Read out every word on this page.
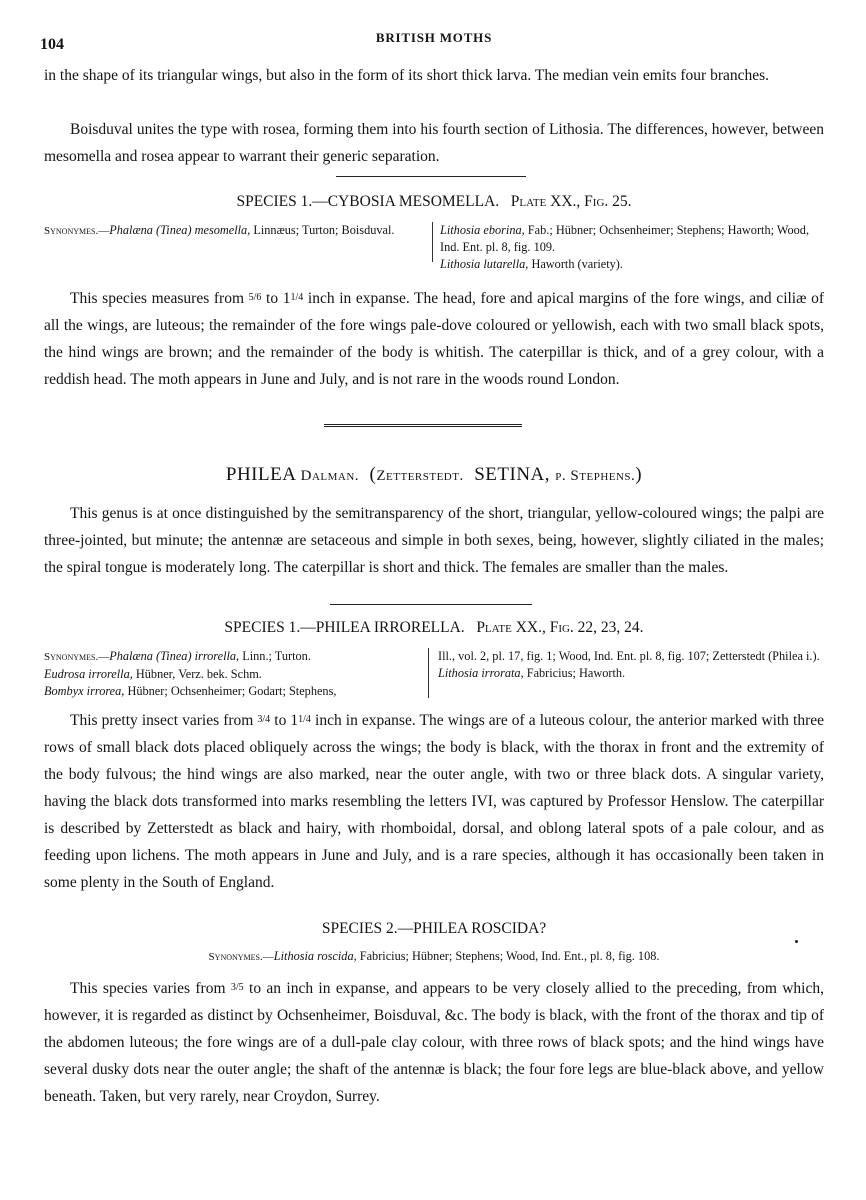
104	BRITISH MOTHS

in the shape of its triangular wings, but also in the form of its short thick larva. The median vein emits four branches.

Boisduval unites the type with rosea, forming them into his fourth section of Lithosia. The differences, however, between mesomella and rosea appear to warrant their generic separation.

SPECIES 1.—CYBOSIA MESOMELLA. Plate XX., Fig. 25.

Synonymes.—Phalæna (Tinea) mesomella, Linnæus; Turton; Boisduval.	Lithosia eborina, Fab.; Hübner; Ochsenheimer; Stephens; Haworth; Wood, Ind. Ent. pl. 8, fig. 109.
Lithosia lutarella, Haworth (variety).

This species measures from 5/6 to 11/4 inch in expanse. The head, fore and apical margins of the fore wings, and ciliæ of all the wings, are luteous; the remainder of the fore wings pale-dove coloured or yellowish, each with two small black spots, the hind wings are brown; and the remainder of the body is whitish. The caterpillar is thick, and of a grey colour, with a reddish head. The moth appears in June and July, and is not rare in the woods round London.

PHILEA Dalman. (Zetterstedt. SETINA, p. Stephens.)

This genus is at once distinguished by the semitransparency of the short, triangular, yellow-coloured wings; the palpi are three-jointed, but minute; the antennæ are setaceous and simple in both sexes, being, however, slightly ciliated in the males; the spiral tongue is moderately long. The caterpillar is short and thick. The females are smaller than the males.

SPECIES 1.—PHILEA IRRORELLA. Plate XX., Fig. 22, 23, 24.

Synonymes.—Phalæna (Tinea) irrorella, Linn.; Turton.
Eudrosa irrorella, Hübner, Verz. bek. Schm.
Bombyx irrorea, Hübner; Ochsenheimer; Godart; Stephens,
Ill., vol. 2, pl. 17, fig. 1; Wood, Ind. Ent. pl. 8, fig. 107; Zetterstedt (Philea i.).
Lithosia irrorata, Fabricius; Haworth.

This pretty insect varies from 3/4 to 11/4 inch in expanse. The wings are of a luteous colour, the anterior marked with three rows of small black dots placed obliquely across the wings; the body is black, with the thorax in front and the extremity of the body fulvous; the hind wings are also marked, near the outer angle, with two or three black dots. A singular variety, having the black dots transformed into marks resembling the letters IVI, was captured by Professor Henslow. The caterpillar is described by Zetterstedt as black and hairy, with rhomboidal, dorsal, and oblong lateral spots of a pale colour, and as feeding upon lichens. The moth appears in June and July, and is a rare species, although it has occasionally been taken in some plenty in the South of England.

SPECIES 2.—PHILEA ROSCIDA?

Synonymes.—Lithosia roscida, Fabricius; Hübner; Stephens; Wood, Ind. Ent., pl. 8, fig. 108.

This species varies from 3/5 to an inch in expanse, and appears to be very closely allied to the preceding, from which, however, it is regarded as distinct by Ochsenheimer, Boisduval, &c. The body is black, with the front of the thorax and tip of the abdomen luteous; the fore wings are of a dull-pale clay colour, with three rows of black spots; and the hind wings have several dusky dots near the outer angle; the shaft of the antennæ is black; the four fore legs are blue-black above, and yellow beneath. Taken, but very rarely, near Croydon, Surrey.
